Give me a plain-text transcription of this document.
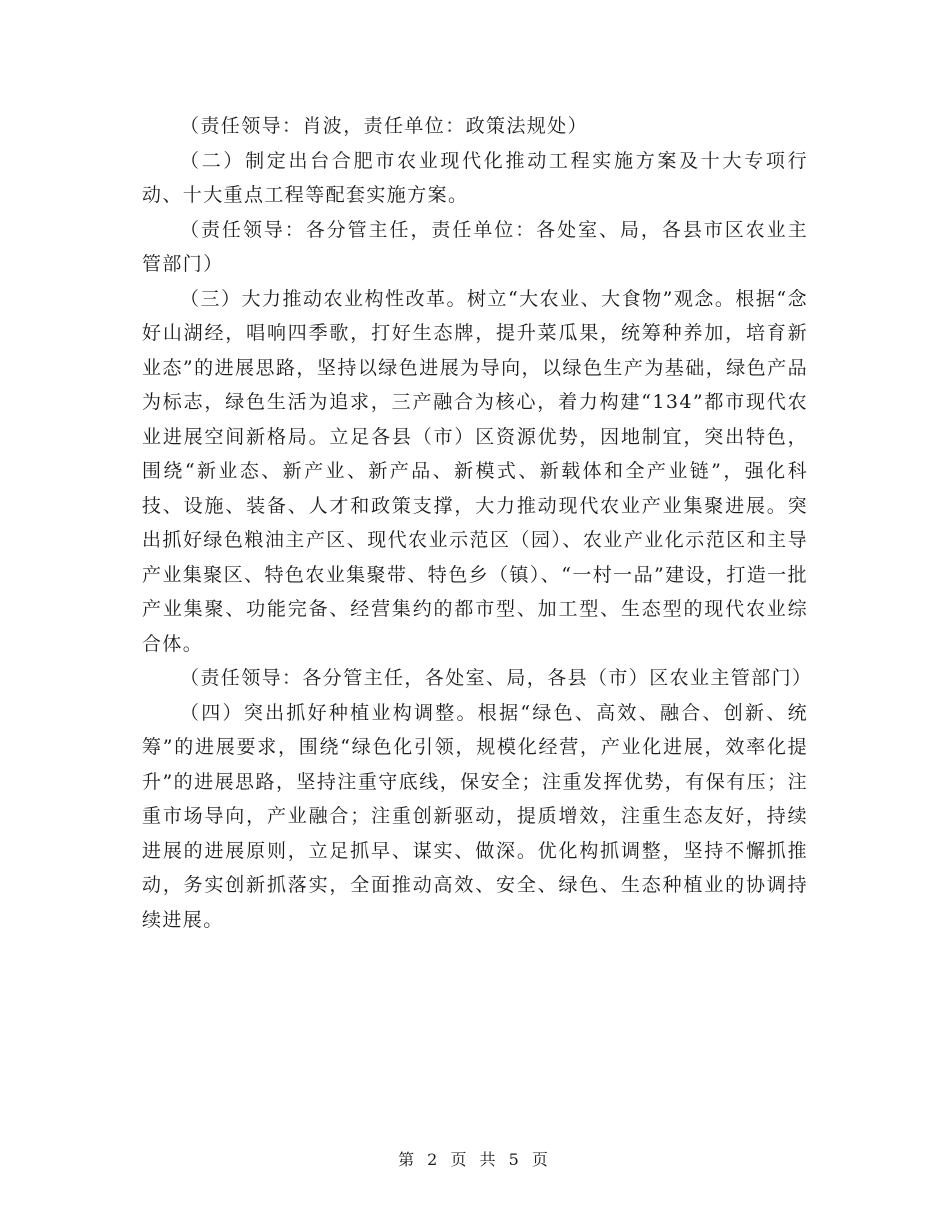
（责任领导：肖波，责任单位：政策法规处）

（二）制定出台合肥市农业现代化推动工程实施方案及十大专项行动、十大重点工程等配套实施方案。

（责任领导：各分管主任，责任单位：各处室、局，各县市区农业主管部门）

（三）大力推动农业构性改革。树立“大农业、大食物”观念。根据“念好山湖经，唱响四季歌，打好生态牌，提升菜瓜果，统筹种养加，培育新业态”的进展思路，坚持以绿色进展为导向，以绿色生产为基础，绿色产品为标志，绿色生活为追求，三产融合为核心，着力构建“134”都市现代农业进展空间新格局。立足各县（市）区资源优势，因地制宜，突出特色，围绕“新业态、新产业、新产品、新模式、新载体和全产业链”，强化科技、设施、装备、人才和政策支撑，大力推动现代农业产业集聚进展。突出抓好绿色粮油主产区、现代农业示范区（园）、农业产业化示范区和主导产业集聚区、特色农业集聚带、特色乡（镇）、“一村一品”建设，打造一批产业集聚、功能完备、经营集约的都市型、加工型、生态型的现代农业综合体。

（责任领导：各分管主任，各处室、局，各县（市）区农业主管部门）

（四）突出抓好种植业构调整。根据“绿色、高效、融合、创新、统筹”的进展要求，围绕“绿色化引领，规模化经营，产业化进展，效率化提升”的进展思路，坚持注重守底线，保安全；注重发挥优势，有保有压；注重市场导向，产业融合；注重创新驱动，提质增效，注重生态友好，持续进展的进展原则，立足抓早、谋实、做深。优化构抓调整，坚持不懈抓推动，务实创新抓落实，全面推动高效、安全、绿色、生态种植业的协调持续进展。

第 2 页 共 5 页
